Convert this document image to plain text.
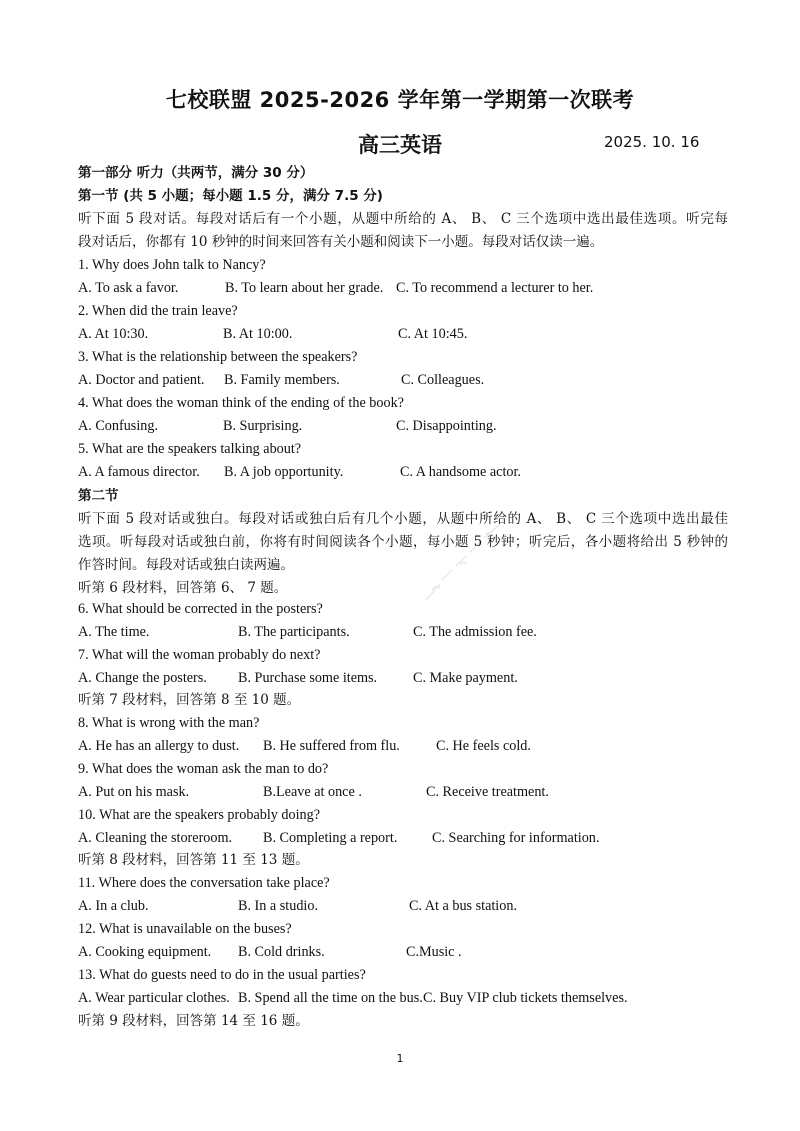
七校联盟 2025-2026 学年第一学期第一次联考
高三英语	2025. 10. 16
第一部分 听力（共两节，满分 30 分）
第一节 (共 5 小题；每小题 1.5 分，满分 7.5 分)
听下面 5 段对话。每段对话后有一个小题，从题中所给的 A、 B、 C 三个选项中选出最佳选项。听完每
段对话后，你都有 10 秒钟的时间来回答有关小题和阅读下一小题。每段对话仅读一遍。
1. Why does John talk to Nancy?
A. To ask a favor.	B. To learn about her grade. C. To recommend a lecturer to her.
2. When did the train leave?
A. At 10:30.	B. At 10:00.	C. At 10:45.
3. What is the relationship between the speakers?
A. Doctor and patient. B. Family members.	C. Colleagues.
4. What does the woman think of the ending of the book?
A. Confusing.	B. Surprising.	C. Disappointing.
5. What are the speakers talking about?
A. A famous director. B. A job opportunity.	C. A handsome actor.
第二节
听下面 5 段对话或独白。每段对话或独白后有几个小题，从题中所给的 A、 B、 C 三个选项中选出最佳
选项。听每段对话或独白前，你将有时间阅读各个小题，每小题 5 秒钟；听完后，各小题将给出 5 秒钟的
作答时间。每段对话或独白读两遍。
听第 6 段材料，回答第 6、 7 题。
6. What should be corrected in the posters?
A. The time.	B. The participants.	C. The admission fee.
7. What will the woman probably do next?
A. Change the posters. B. Purchase some items.	C. Make payment.
听第 7 段材料，回答第 8 至 10 题。
8. What is wrong with the man?
A. He has an allergy to dust. B. He suffered from flu.	C. He feels cold.
9. What does the woman ask the man to do?
A. Put on his mask.	B.Leave at once .	C. Receive treatment.
10. What are the speakers probably doing?
A. Cleaning the storeroom. B. Completing a report. C. Searching for information.
听第 8 段材料，回答第 11 至 13 题。
11. Where does the conversation take place?
A. In a club.	B. In a studio.	C. At a bus station.
12. What is unavailable on the buses?
A. Cooking equipment. B. Cold drinks.	C.Music .
13. What do guests need to do in the usual parties?
A. Wear particular clothes. B. Spend all the time on the bus. C. Buy VIP club tickets themselves.
听第 9 段材料，回答第 14 至 16 题。
1
